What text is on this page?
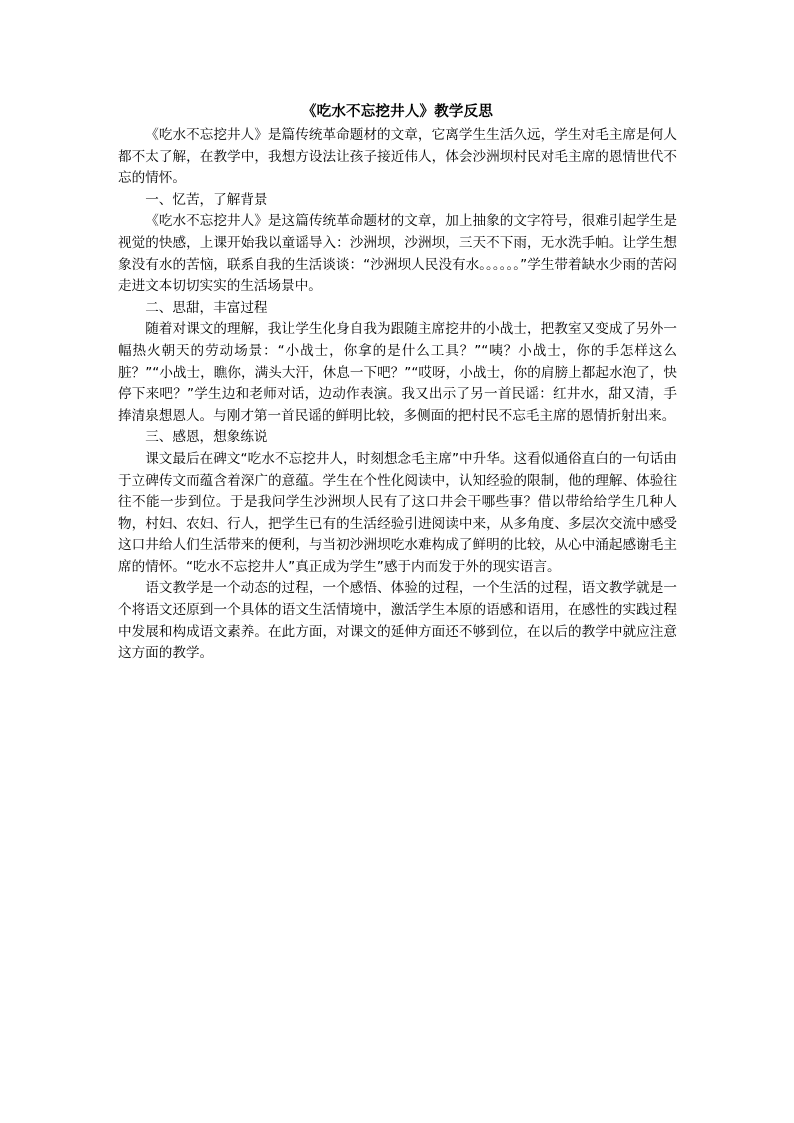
《吃水不忘挖井人》教学反思

《吃水不忘挖井人》是篇传统革命题材的文章，它离学生生活久远，学生对毛主席是何人都不太了解，在教学中，我想方设法让孩子接近伟人，体会沙洲坝村民对毛主席的恩情世代不忘的情怀。

一、忆苦，了解背景

《吃水不忘挖井人》是这篇传统革命题材的文章，加上抽象的文字符号，很难引起学生是视觉的快感，上课开始我以童谣导入：沙洲坝，沙洲坝，三天不下雨，无水洗手帕。让学生想象没有水的苦恼，联系自我的生活谈谈：“沙洲坝人民没有水。。。。。。”学生带着缺水少雨的苦闷走进文本切切实实的生活场景中。

二、思甜，丰富过程

随着对课文的理解，我让学生化身自我为跟随主席挖井的小战士，把教室又变成了另外一幅热火朝天的劳动场景：“小战士，你拿的是什么工具？”“咦？小战士，你的手怎样这么脏？”“小战士，瞧你，满头大汗，休息一下吧？”“哎呀，小战士，你的肩膀上都起水泡了，快停下来吧？”学生边和老师对话，边动作表演。我又出示了另一首民谣：红井水，甜又清，手捧清泉想恩人。与刚才第一首民谣的鲜明比较，多侧面的把村民不忘毛主席的恩情折射出来。

三、感恩，想象练说

课文最后在碑文“吃水不忘挖井人，时刻想念毛主席”中升华。这看似通俗直白的一句话由于立碑传文而蕴含着深广的意蕴。学生在个性化阅读中，认知经验的限制，他的理解、体验往往不能一步到位。于是我问学生沙洲坝人民有了这口井会干哪些事？借以带给给学生几种人物，村妇、农妇、行人，把学生已有的生活经验引进阅读中来，从多角度、多层次交流中感受这口井给人们生活带来的便利，与当初沙洲坝吃水难构成了鲜明的比较，从心中涌起感谢毛主席的情怀。“吃水不忘挖井人”真正成为学生”感于内而发于外的现实语言。

语文教学是一个动态的过程，一个感悟、体验的过程，一个生活的过程，语文教学就是一个将语文还原到一个具体的语文生活情境中，激活学生本原的语感和语用，在感性的实践过程中发展和构成语文素养。在此方面，对课文的延伸方面还不够到位，在以后的教学中就应注意这方面的教学。
